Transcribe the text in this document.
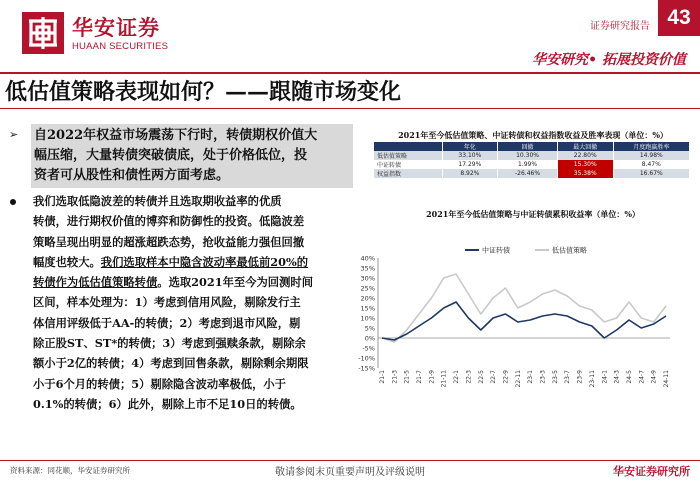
华安证券
HUAAN SECURITIES
证券研究报告 43
华安研究• 拓展投资价值
低估值策略表现如何？——跟随市场变化
➢ 自2022年权益市场震荡下行时，转债期权价值大

幅压缩，大量转债突破债底，处于价格低位，投

资者可从股性和债性两方面考虑。

我们选取低隐波差的转债并且选取期收益率的优质

转债，进行期权价值的博弈和防御性的投资。低隐波差

策略呈现出明显的超涨超跌态势，抢收益能力强但回撤

幅度也较大。我们选取样本中隐含波动率最低前20%的

转债作为低估值策略转债。选取2021年至今为回测时间

区间，样本处理为：1）考虑到信用风险，剔除发行主

体信用评级低于AA-的转债；2）考虑到退市风险，剔

除正股ST、ST*的转债；3）考虑到强赎条款，剔除余

额小于2亿的转债；4）考虑到回售条款，剔除剩余期限

小于6个月的转债；5）剔除隐含波动率极低，小于

0.1%的转债；6）此外，剔除上市不足10日的转债。

2021年至今低估值策略、中证转债和权益指数收益及胜率表现（单位：%）
	年化	回撤	最大回撤	月度跑赢胜率
低估值策略	33.10%	10.30%	22.80%	14.98%
中证转债	17.29%	1.99%	15.30%	8.47%
权益指数	8.92%	-26.46%	35.38%	16.67%
2021年至今低估值策略与中证转债累积收益率（单位：%）
40%
35%
30%
25%
20%
15%
10%
5%
0%
-5%
-10%
-15%
21-1 21-3 21-5 21-7 21-9 21-11 22-1 22-3 22-5 22-7 22-9 22-11 23-1 23-3 23-5 23-7 23-9 23-11 24-1 24-3 24-5 24-7 24-9 24-11
中证转债	低估值策略
资料来源：同花顺，华安证券研究所	敬请参阅末页重要声明及评级说明	华安证券研究所
